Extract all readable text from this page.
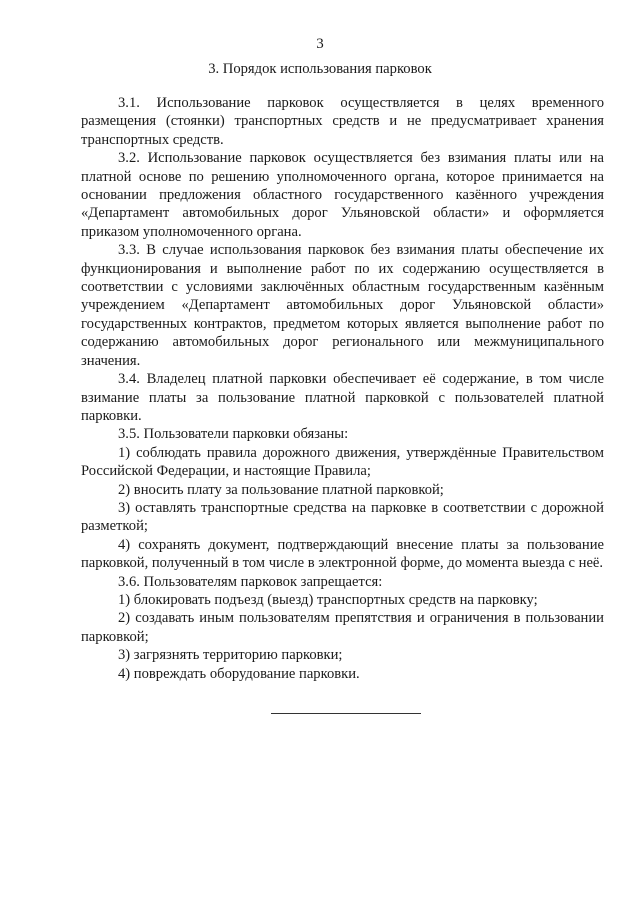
3
3. Порядок использования парковок

3.1. Использование парковок осуществляется в целях временного размещения (стоянки) транспортных средств и не предусматривает хранения транспортных средств.

3.2. Использование парковок осуществляется без взимания платы или на платной основе по решению уполномоченного органа, которое принимается на основании предложения областного государственного казённого учреждения «Департамент автомобильных дорог Ульяновской области» и оформляется приказом уполномоченного органа.

3.3. В случае использования парковок без взимания платы обеспечение их функционирования и выполнение работ по их содержанию осуществляется в соответствии с условиями заключённых областным государственным казённым учреждением «Департамент автомобильных дорог Ульяновской области» государственных контрактов, предметом которых является выполнение работ по содержанию автомобильных дорог регионального или межмуниципального значения.

3.4. Владелец платной парковки обеспечивает её содержание, в том числе взимание платы за пользование платной парковкой с пользователей платной парковки.

3.5. Пользователи парковки обязаны:

1) соблюдать правила дорожного движения, утверждённые Правительством Российской Федерации, и настоящие Правила;

2) вносить плату за пользование платной парковкой;

3) оставлять транспортные средства на парковке в соответствии с дорожной разметкой;

4) сохранять документ, подтверждающий внесение платы за пользование парковкой, полученный в том числе в электронной форме, до момента выезда с неё.

3.6. Пользователям парковок запрещается:

1) блокировать подъезд (выезд) транспортных средств на парковку;

2) создавать иным пользователям препятствия и ограничения в пользовании парковкой;

3) загрязнять территорию парковки;

4) повреждать оборудование парковки.
